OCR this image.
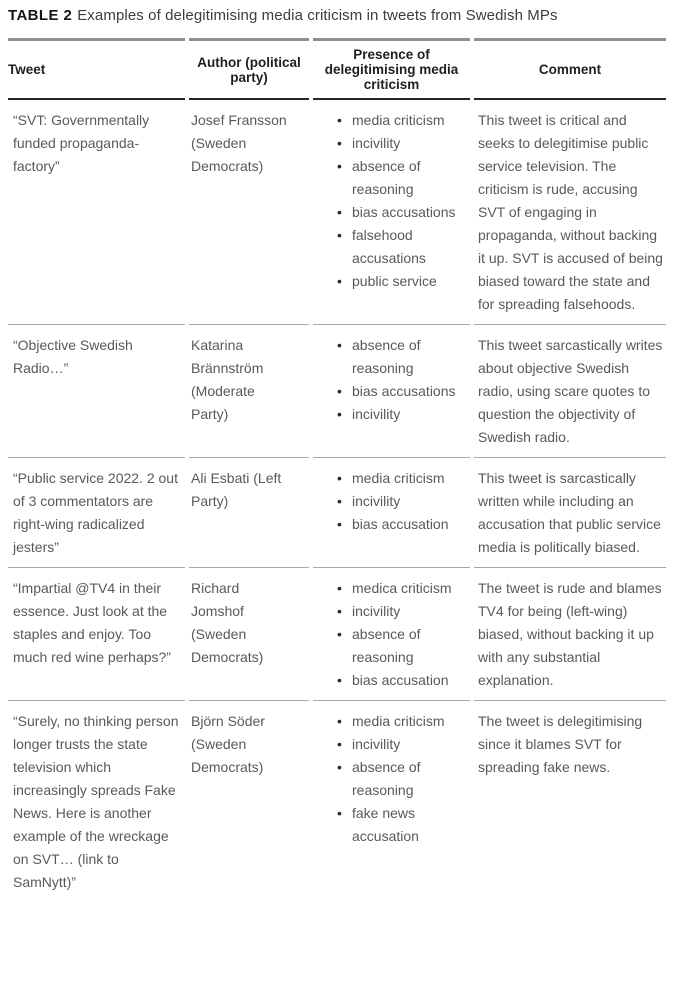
TABLE 2 Examples of delegitimising media criticism in tweets from Swedish MPs
Tweet	Author (political party)
Presence of delegitimising media criticism
Comment
“SVT: Governmentally funded propaganda-factory”
Josef Fransson (Sweden Democrats)
• media criticism
• incivility
• absence of reasoning
• bias accusations
• falsehood accusations
• public service
This tweet is critical and seeks to delegitimise public service television. The criticism is rude, accusing SVT of engaging in propaganda, without backing it up. SVT is accused of being biased toward the state and for spreading falsehoods.
“Objective Swedish Radio…”
Katarina Brännström (Moderate Party)
• absence of reasoning
• bias accusations
• incivility
This tweet sarcastically writes about objective Swedish radio, using scare quotes to question the objectivity of Swedish radio.
“Public service 2022. 2 out of 3 commentators are right-wing radicalized jesters”
Ali Esbati (Left Party)
• media criticism
• incivility
• bias accusation
This tweet is sarcastically written while including an accusation that public service media is politically biased.
“Impartial @TV4 in their essence. Just look at the staples and enjoy. Too much red wine perhaps?”
Richard Jomshof (Sweden Democrats)
• medica criticism
• incivility
• absence of reasoning
• bias accusation
The tweet is rude and blames TV4 for being (left-wing) biased, without backing it up with any substantial explanation.
“Surely, no thinking person longer trusts the state television which increasingly spreads Fake News. Here is another example of the wreckage on SVT… (link to SamNytt)”
Björn Söder (Sweden Democrats)
• media criticism
• incivility
• absence of reasoning
• fake news accusation
The tweet is delegitimising since it blames SVT for spreading fake news.
